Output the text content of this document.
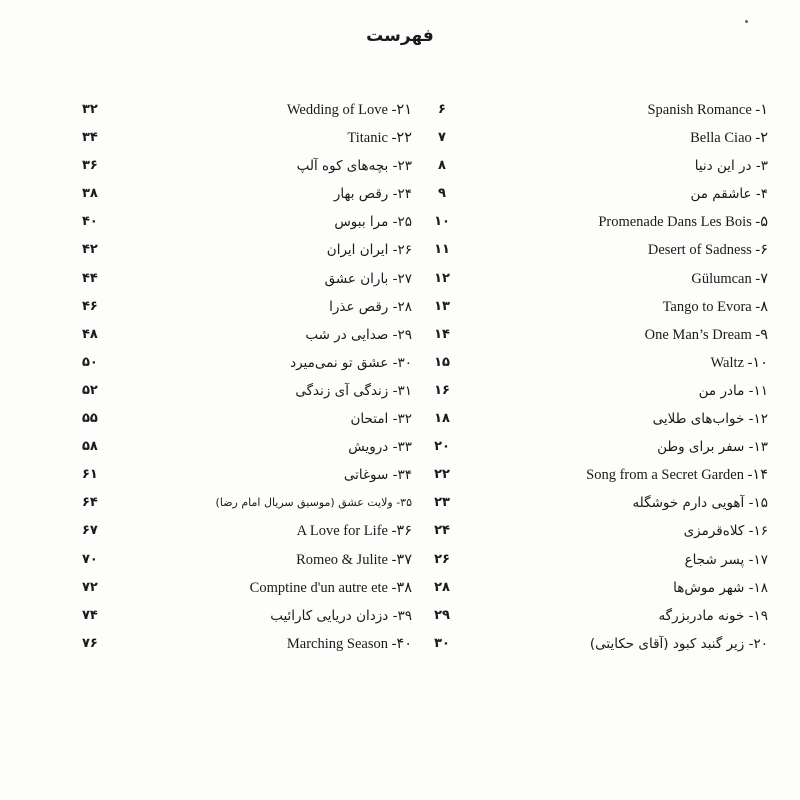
فهرست
۳۲	Wedding of Love -۲۱
۳۴	Titanic -۲۲
۳۶	۲۳- بچه‌های کوه آلپ
۳۸	۲۴- رقص بهار
۴۰	۲۵- مرا ببوس
۴۲	۲۶- ایران ایران
۴۴	۲۷- باران عشق
۴۶	۲۸- رقص عذرا
۴۸	۲۹- صدایی در شب
۵۰	۳۰- عشق تو نمی‌میرد
۵۲	۳۱- زندگی آی زندگی
۵۵	۳۲- امتحان
۵۸	۳۳- درویش
۶۱	۳۴- سوغاتی
۶۴	۳۵- ولایت عشق (موسیق سریال امام رضا)
۶۷	A Love for Life -۳۶
۷۰	Romeo & Julite -۳۷
۷۲	Comptine d'un autre ete -۳۸
۷۴	۳۹- دزدان دریایی کارائیب
۷۶	Marching Season -۴۰
۶	Spanish Romance -۱
۷	Bella Ciao -۲
۸	۳- در این دنیا
۹	۴- عاشقم من
۱۰	Promenade Dans Les Bois -۵
۱۱	Desert of Sadness -۶
۱۲	Gülumcan -۷
۱۳	Tango to Evora -۸
۱۴	One Man’s Dream -۹
۱۵	Waltz -۱۰
۱۶	۱۱- مادر من
۱۸	۱۲- خواب‌های طلایی
۲۰	۱۳- سفر برای وطن
۲۲	Song from a Secret Garden -۱۴
۲۳	۱۵- آهویی دارم خوشگله
۲۴	۱۶- کلاه‌قرمزی
۲۶	۱۷- پسر شجاع
۲۸	۱۸- شهر موش‌ها
۲۹	۱۹- خونه مادربزرگه
۳۰	۲۰- زیر گنبد کبود (آقای حکایتی)
